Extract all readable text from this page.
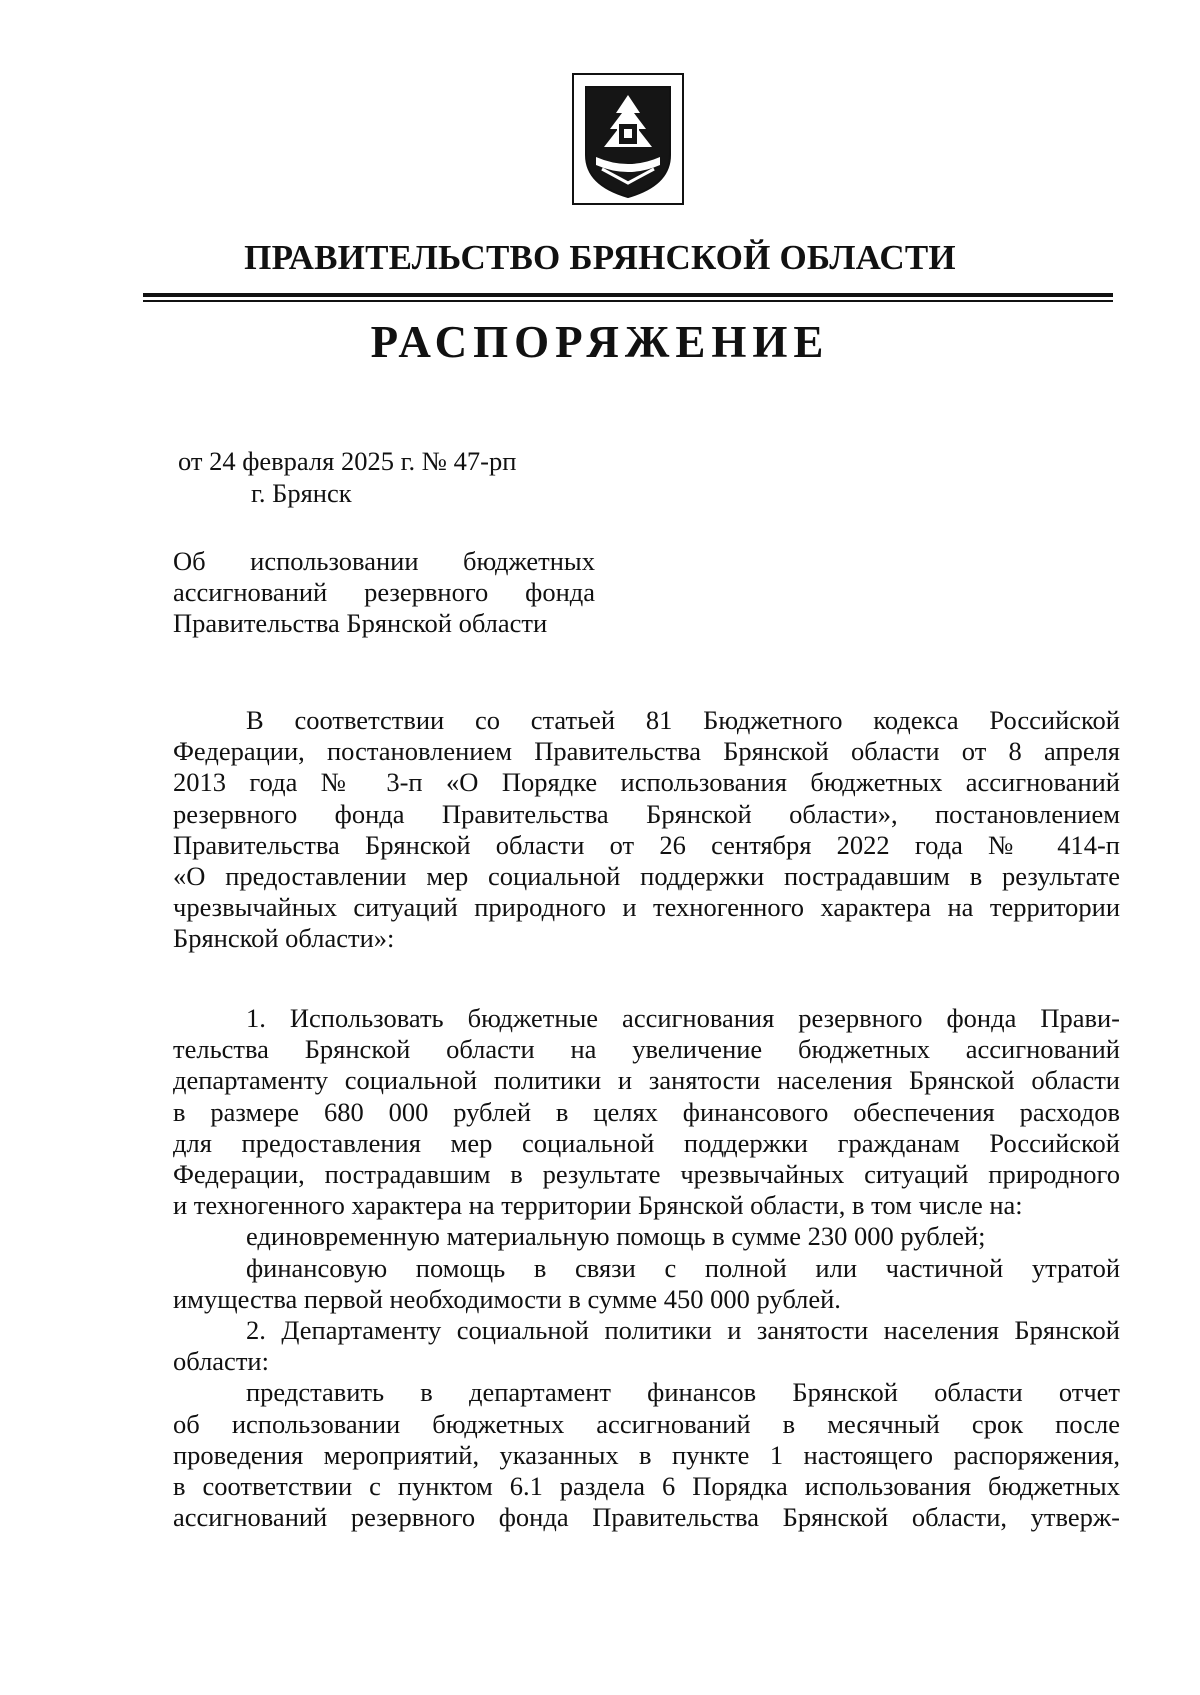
ПРАВИТЕЛЬСТВО БРЯНСКОЙ ОБЛАСТИ
РАСПОРЯЖЕНИЕ
от 24 февраля 2025 г. № 47-рп
г. Брянск
Об использовании бюджетных
ассигнований резервного фонда
Правительства Брянской области
В соответствии со статьей 81 Бюджетного кодекса Российской
Федерации, постановлением Правительства Брянской области от 8 апреля
2013 года № 3-п «О Порядке использования бюджетных ассигнований
резервного фонда Правительства Брянской области», постановлением
Правительства Брянской области от 26 сентября 2022 года № 414-п
«О предоставлении мер социальной поддержки пострадавшим в результате
чрезвычайных ситуаций природного и техногенного характера на территории
Брянской области»:
1. Использовать бюджетные ассигнования резервного фонда Прави-
тельства Брянской области на увеличение бюджетных ассигнований
департаменту социальной политики и занятости населения Брянской области
в размере 680 000 рублей в целях финансового обеспечения расходов
для предоставления мер социальной поддержки гражданам Российской
Федерации, пострадавшим в результате чрезвычайных ситуаций природного
и техногенного характера на территории Брянской области, в том числе на:
единовременную материальную помощь в сумме 230 000 рублей;
финансовую помощь в связи с полной или частичной утратой
имущества первой необходимости в сумме 450 000 рублей.
2. Департаменту социальной политики и занятости населения Брянской
области:
представить в департамент финансов Брянской области отчет
об использовании бюджетных ассигнований в месячный срок после
проведения мероприятий, указанных в пункте 1 настоящего распоряжения,
в соответствии с пунктом 6.1 раздела 6 Порядка использования бюджетных
ассигнований резервного фонда Правительства Брянской области, утверж-
